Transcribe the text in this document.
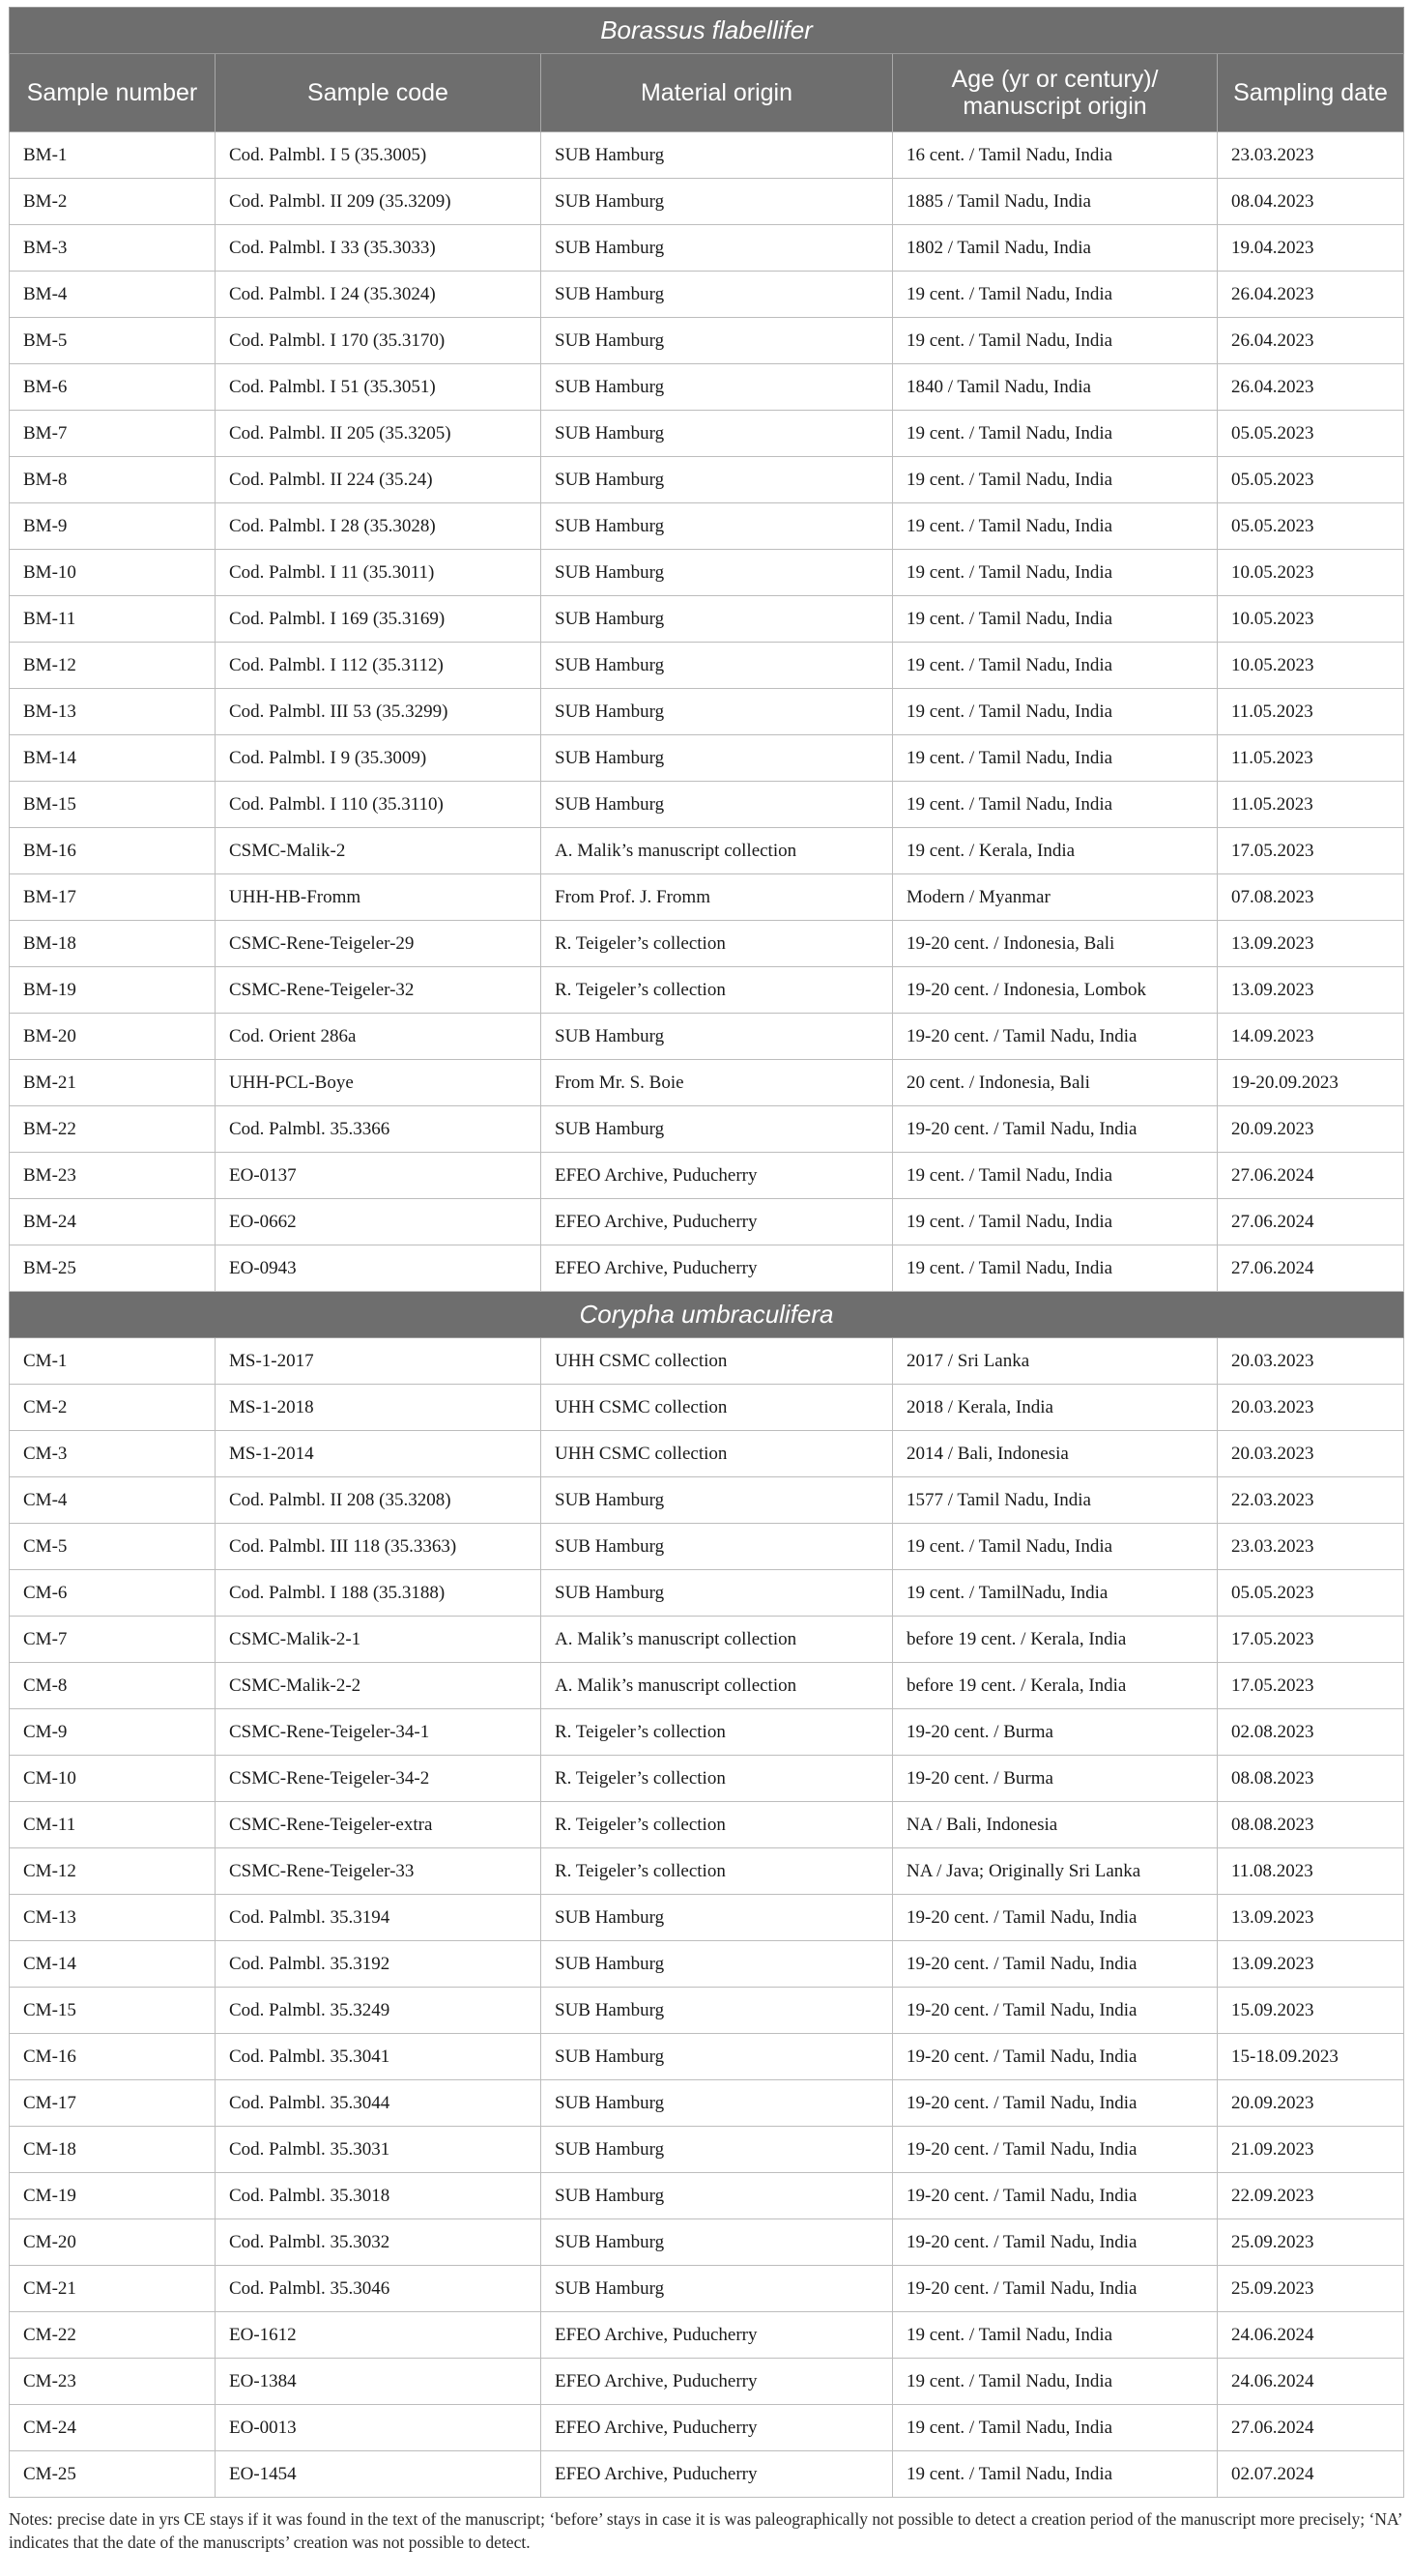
Borassus flabellifer				
Sample number	Sample code	Material origin	Age (yr or century)/ manuscript origin	Sampling date
BM-1	Cod. Palmbl. I 5 (35.3005)	SUB Hamburg	16 cent. / Tamil Nadu, India	23.03.2023
BM-2	Cod. Palmbl. II 209 (35.3209)	SUB Hamburg	1885 / Tamil Nadu, India	08.04.2023
BM-3	Cod. Palmbl. I 33 (35.3033)	SUB Hamburg	1802 / Tamil Nadu, India	19.04.2023
BM-4	Cod. Palmbl. I 24 (35.3024)	SUB Hamburg	19 cent. / Tamil Nadu, India	26.04.2023
BM-5	Cod. Palmbl. I 170 (35.3170)	SUB Hamburg	19 cent. / Tamil Nadu, India	26.04.2023
BM-6	Cod. Palmbl. I 51 (35.3051)	SUB Hamburg	1840 / Tamil Nadu, India	26.04.2023
BM-7	Cod. Palmbl. II 205 (35.3205)	SUB Hamburg	19 cent. / Tamil Nadu, India	05.05.2023
BM-8	Cod. Palmbl. II 224 (35.24)	SUB Hamburg	19 cent. / Tamil Nadu, India	05.05.2023
BM-9	Cod. Palmbl. I 28 (35.3028)	SUB Hamburg	19 cent. / Tamil Nadu, India	05.05.2023
BM-10	Cod. Palmbl. I 11 (35.3011)	SUB Hamburg	19 cent. / Tamil Nadu, India	10.05.2023
BM-11	Cod. Palmbl. I 169 (35.3169)	SUB Hamburg	19 cent. / Tamil Nadu, India	10.05.2023
BM-12	Cod. Palmbl. I 112 (35.3112)	SUB Hamburg	19 cent. / Tamil Nadu, India	10.05.2023
BM-13	Cod. Palmbl. III 53 (35.3299)	SUB Hamburg	19 cent. / Tamil Nadu, India	11.05.2023
BM-14	Cod. Palmbl. I 9 (35.3009)	SUB Hamburg	19 cent. / Tamil Nadu, India	11.05.2023
BM-15	Cod. Palmbl. I 110 (35.3110)	SUB Hamburg	19 cent. / Tamil Nadu, India	11.05.2023
BM-16	CSMC-Malik-2	A. Malik’s manuscript collection	19 cent. / Kerala, India	17.05.2023
BM-17	UHH-HB-Fromm	From Prof. J. Fromm	Modern / Myanmar	07.08.2023
BM-18	CSMC-Rene-Teigeler-29	R. Teigeler’s collection	19-20 cent. / Indonesia, Bali	13.09.2023
BM-19	CSMC-Rene-Teigeler-32	R. Teigeler’s collection	19-20 cent. / Indonesia, Lombok	13.09.2023
BM-20	Cod. Orient 286a	SUB Hamburg	19-20 cent. / Tamil Nadu, India	14.09.2023
BM-21	UHH-PCL-Boye	From Mr. S. Boie	20 cent. / Indonesia, Bali	19-20.09.2023
BM-22	Cod. Palmbl. 35.3366	SUB Hamburg	19-20 cent. / Tamil Nadu, India	20.09.2023
BM-23	EO-0137	EFEO Archive, Puducherry	19 cent. / Tamil Nadu, India	27.06.2024
BM-24	EO-0662	EFEO Archive, Puducherry	19 cent. / Tamil Nadu, India	27.06.2024
BM-25	EO-0943	EFEO Archive, Puducherry	19 cent. / Tamil Nadu, India	27.06.2024
Corypha umbraculifera				
CM-1	MS-1-2017	UHH CSMC collection	2017 / Sri Lanka	20.03.2023
CM-2	MS-1-2018	UHH CSMC collection	2018 / Kerala, India	20.03.2023
CM-3	MS-1-2014	UHH CSMC collection	2014 / Bali, Indonesia	20.03.2023
CM-4	Cod. Palmbl. II 208 (35.3208)	SUB Hamburg	1577 / Tamil Nadu, India	22.03.2023
CM-5	Cod. Palmbl. III 118 (35.3363)	SUB Hamburg	19 cent. / Tamil Nadu, India	23.03.2023
CM-6	Cod. Palmbl. I 188 (35.3188)	SUB Hamburg	19 cent. / TamilNadu, India	05.05.2023
CM-7	CSMC-Malik-2-1	A. Malik’s manuscript collection	before 19 cent. / Kerala, India	17.05.2023
CM-8	CSMC-Malik-2-2	A. Malik’s manuscript collection	before 19 cent. / Kerala, India	17.05.2023
CM-9	CSMC-Rene-Teigeler-34-1	R. Teigeler’s collection	19-20 cent. / Burma	02.08.2023
CM-10	CSMC-Rene-Teigeler-34-2	R. Teigeler’s collection	19-20 cent. / Burma	08.08.2023
CM-11	CSMC-Rene-Teigeler-extra	R. Teigeler’s collection	NA / Bali, Indonesia	08.08.2023
CM-12	CSMC-Rene-Teigeler-33	R. Teigeler’s collection	NA / Java; Originally Sri Lanka	11.08.2023
CM-13	Cod. Palmbl. 35.3194	SUB Hamburg	19-20 cent. / Tamil Nadu, India	13.09.2023
CM-14	Cod. Palmbl. 35.3192	SUB Hamburg	19-20 cent. / Tamil Nadu, India	13.09.2023
CM-15	Cod. Palmbl. 35.3249	SUB Hamburg	19-20 cent. / Tamil Nadu, India	15.09.2023
CM-16	Cod. Palmbl. 35.3041	SUB Hamburg	19-20 cent. / Tamil Nadu, India	15-18.09.2023
CM-17	Cod. Palmbl. 35.3044	SUB Hamburg	19-20 cent. / Tamil Nadu, India	20.09.2023
CM-18	Cod. Palmbl. 35.3031	SUB Hamburg	19-20 cent. / Tamil Nadu, India	21.09.2023
CM-19	Cod. Palmbl. 35.3018	SUB Hamburg	19-20 cent. / Tamil Nadu, India	22.09.2023
CM-20	Cod. Palmbl. 35.3032	SUB Hamburg	19-20 cent. / Tamil Nadu, India	25.09.2023
CM-21	Cod. Palmbl. 35.3046	SUB Hamburg	19-20 cent. / Tamil Nadu, India	25.09.2023
CM-22	EO-1612	EFEO Archive, Puducherry	19 cent. / Tamil Nadu, India	24.06.2024
CM-23	EO-1384	EFEO Archive, Puducherry	19 cent. / Tamil Nadu, India	24.06.2024
CM-24	EO-0013	EFEO Archive, Puducherry	19 cent. / Tamil Nadu, India	27.06.2024
CM-25	EO-1454	EFEO Archive, Puducherry	19 cent. / Tamil Nadu, India	02.07.2024
Notes: precise date in yrs CE stays if it was found in the text of the manuscript; ‘before’ stays in case it is was paleographically not possible to detect a creation period of the manuscript more precisely; ‘NA’ indicates that the date of the manuscripts’ creation was not possible to detect.
